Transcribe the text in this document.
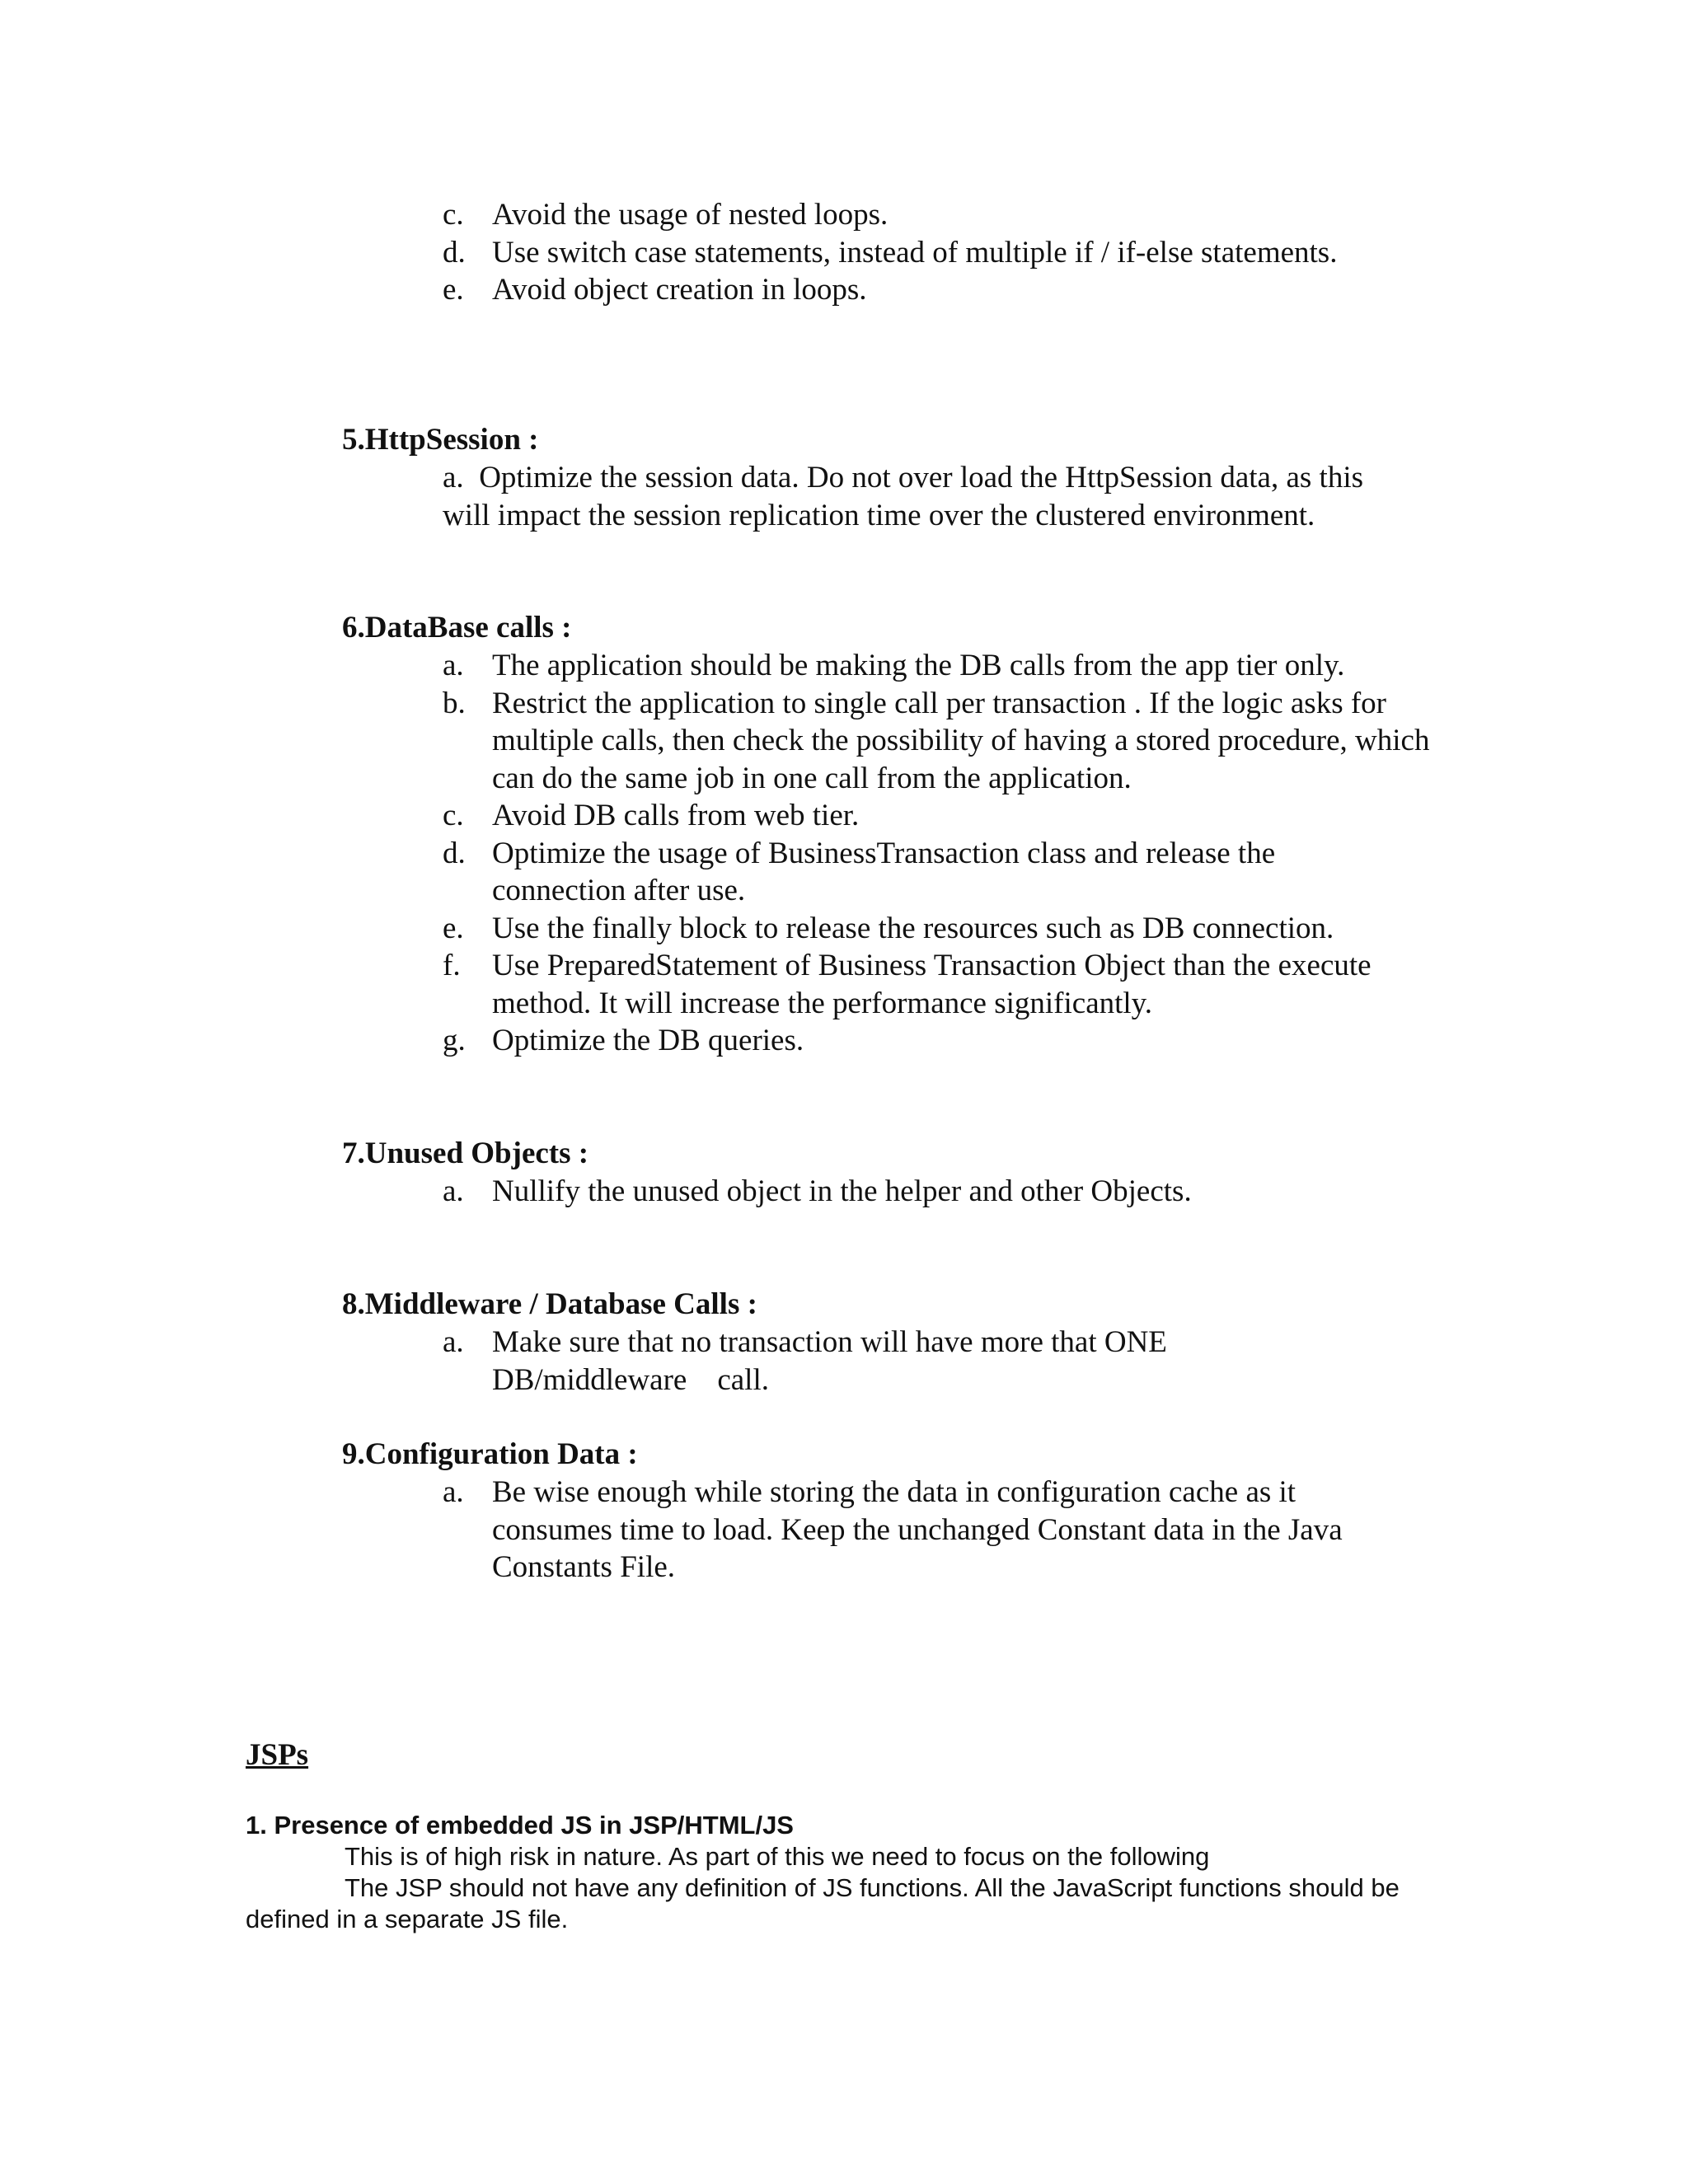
c. Avoid the usage of nested loops.
d. Use switch case statements, instead of multiple if / if-else statements.
e. Avoid object creation in loops.
5.HttpSession :
a. Optimize the session data. Do not over load the HttpSession data, as this will impact the session replication time over the clustered environment.
6.DataBase calls :
a. The application should be making the DB calls from the app tier only.
b. Restrict the application to single call per transaction . If the logic asks for multiple calls, then check the possibility of having a stored procedure, which can do the same job in one call from the application.
c. Avoid DB calls from web tier.
d. Optimize the usage of BusinessTransaction class and release the connection after use.
e. Use the finally block to release the resources such as DB connection.
f. Use PreparedStatement of Business Transaction Object than the execute method. It will increase the performance significantly.
g. Optimize the DB queries.
7.Unused Objects :
a. Nullify the unused object in the helper and other Objects.
8.Middleware / Database Calls :
a. Make sure that no transaction will have more that ONE DB/middleware    call.
9.Configuration Data :
a. Be wise enough while storing the data in configuration cache as it consumes time to load. Keep the unchanged Constant data in the Java Constants File.
JSPs
1. Presence of embedded JS in JSP/HTML/JS
This is of high risk in nature. As part of this we need to focus on the following
The JSP should not have any definition of JS functions. All the JavaScript functions should be defined in a separate JS file.
